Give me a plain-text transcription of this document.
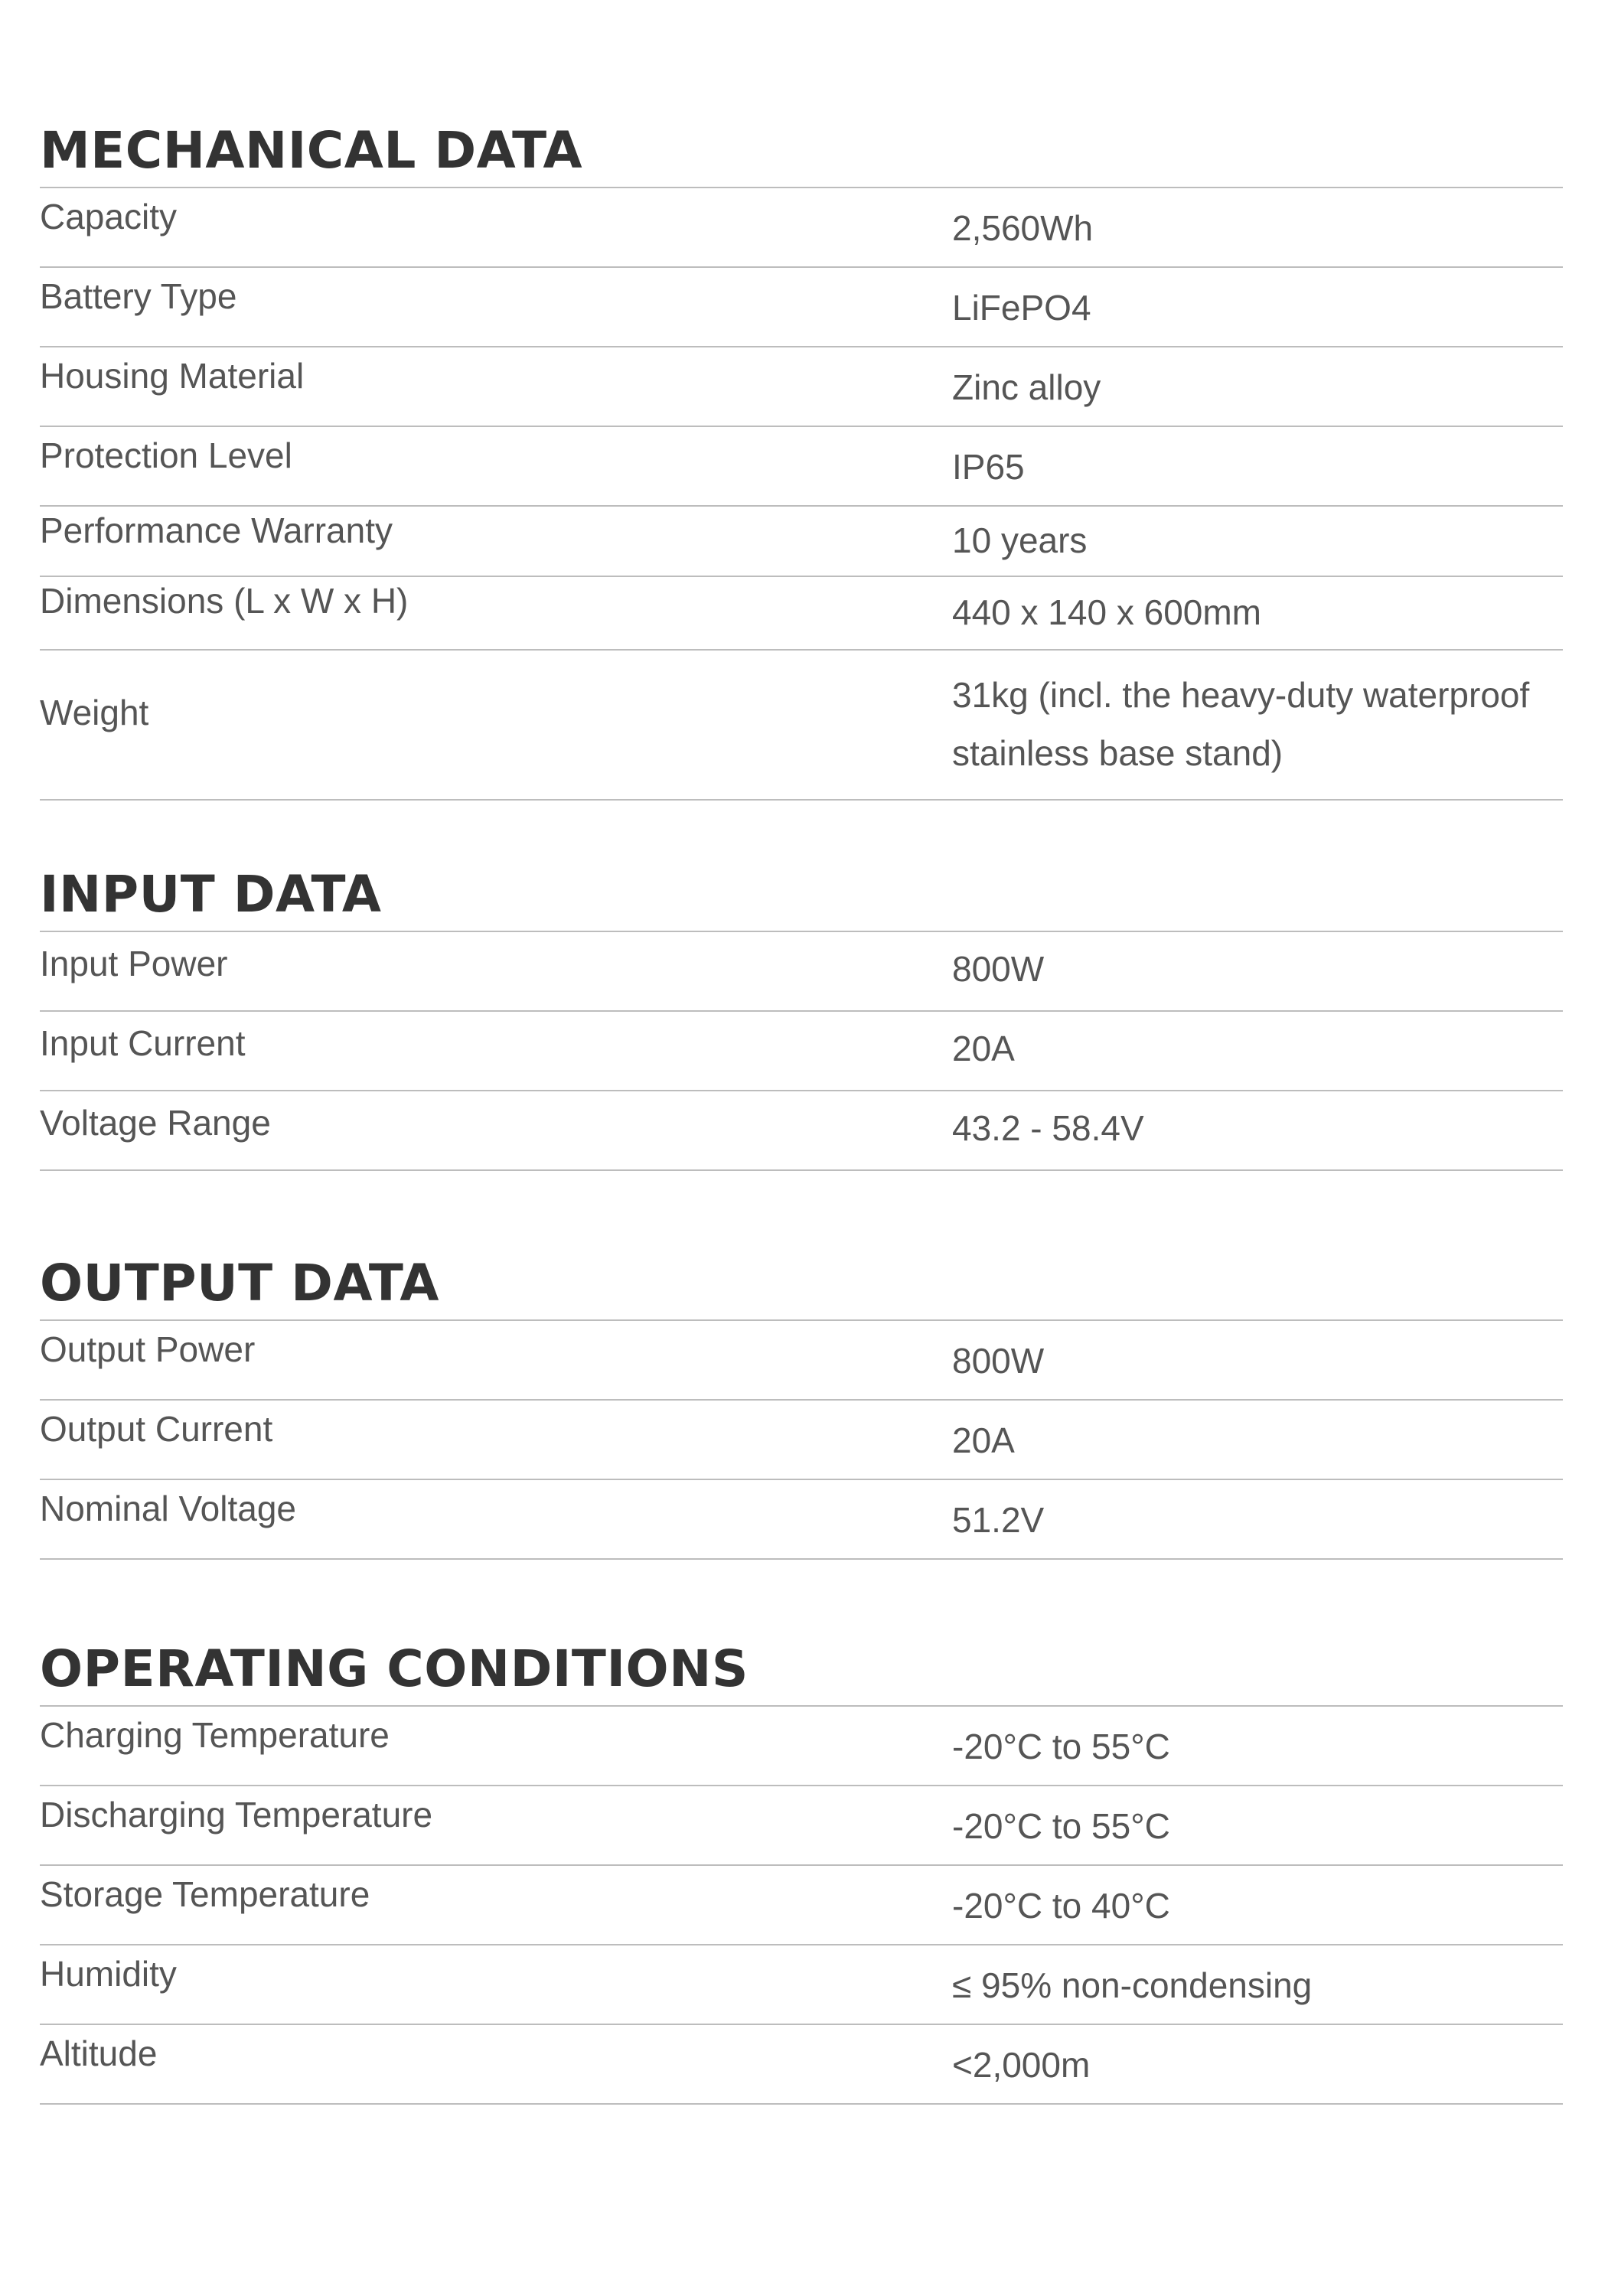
MECHANICAL DATA
Capacity	2,560Wh
Battery Type	LiFePO4
Housing Material	Zinc alloy
Protection Level	IP65
Performance Warranty	10 years
Dimensions (L x W x H)	440 x 140 x 600mm
Weight	31kg (incl. the heavy-duty waterproof stainless base stand)
INPUT DATA
Input Power	800W
Input Current	20A
Voltage Range	43.2 - 58.4V
OUTPUT DATA
Output Power	800W
Output Current	20A
Nominal Voltage	51.2V
OPERATING CONDITIONS
Charging Temperature	-20°C to 55°C
Discharging Temperature	-20°C to 55°C
Storage Temperature	-20°C to 40°C
Humidity	≤ 95% non-condensing
Altitude	<2,000m
